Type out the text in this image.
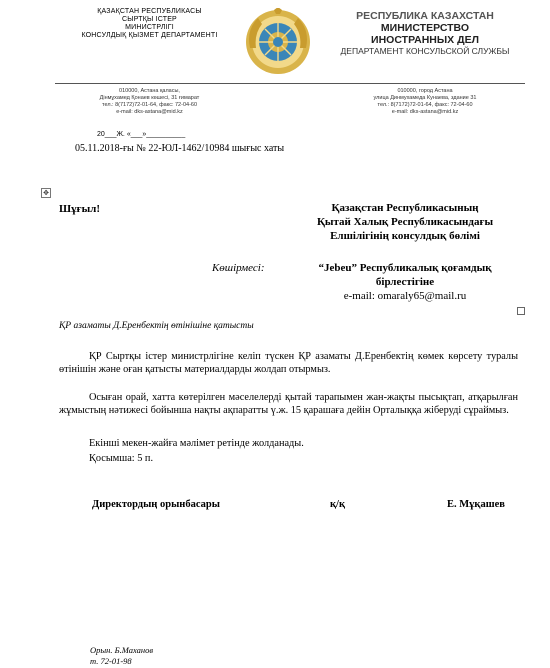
ҚАЗАҚСТАН РЕСПУБЛИКАСЫ
СЫРТҚЫ ІСТЕР
МИНИСТРЛІГІ
КОНСУЛДЫҚ ҚЫЗМЕТ ДЕПАРТАМЕНТІ
РЕСПУБЛИКА КАЗАХСТАН
МИНИСТЕРСТВО
ИНОСТРАННЫХ ДЕЛ
ДЕПАРТАМЕНТ КОНСУЛЬСКОЙ СЛУЖБЫ
010000, Астана қаласы,
Дінмұхамед Қонаев көшесі, 31 ғимарат
тел.: 8(7172)72-01-64, факс: 72-04-60
e-mail: dks-astana@mid.kz
010000, город Астана
улица Динмухамеда Кунаева, здание 31
тел.: 8(7172)72-01-64, факс: 72-04-60
e-mail: dks-astana@mid.kz
20___Ж. «___»__________
05.11.2018-ғы № 22-ЮЛ-1462/10984 шығыс хаты
✥
Шұғыл!	Қазақстан Республикасының
Қытай Халық Республикасындағы
Елшілігінің консулдық бөлімі
Көшірмесі:	“Jebeu” Республикалық қоғамдық бірлестігіне
e-mail: omaraly65@mail.ru
ҚР азаматы Д.Еренбектің өтінішіне қатысты
ҚР Сыртқы істер министрлігіне келіп түскен ҚР азаматы Д.Еренбектің көмек көрсету туралы өтінішін және оған қатысты материалдарды жолдап отырмыз.
Осыған орай, хатта көтерілген мәселелерді қытай тарапымен жан-жақты пысықтап, атқарылған жұмыстың нәтижесі бойынша нақты ақпаратты ү.ж. 15 қарашаға дейін Орталыққа жіберуді сұраймыз.
Екінші мекен-жайға мәлімет ретінде жолданады.
Қосымша: 5 п.
Директордың орынбасары	қ/қ	Е. Мұқашев
Орын. Б.Маханов
т. 72-01-98
